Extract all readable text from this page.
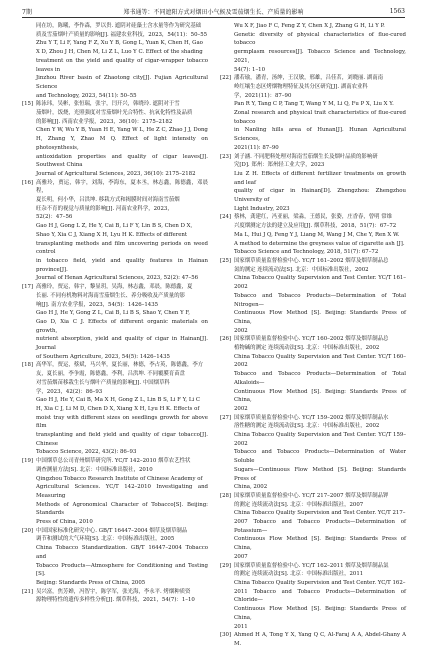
7期	郑书通等：不同遮阳方式对烟田小气候及雪茄烟生长、产质量的影响	1563
同在坊，陈曦，李作森，罗以贵. 遮阴对硅藻土含水量等作为研究基础
质及雪茄烟叶产质量的影响[J]. 福建农业科技，2023，54(11)：50–55
Zhu Y T, Li F, Yang F Z, Xu Y B, Gong L, Yuan K, Chen H, Gao
X D, Zhou J H, Chen M, Li Z L, Luo Y C. Effect of the shading
treatment on the yield and quality of cigar-wrapper tobacco leaves in
Jinzhou River basin of Zhaotong city[J]. Fujian Agricultural Science
and Technology, 2023, 54(11): 50–55
[15] 陈泳玮，吴彬，张恒瑞，张宇，闫开兴，韩晓玲. 遮阴对于雪
茄烟叶，饭烧，光照强度对雪茄烟叶光合特性、抗氧化特性及品质
的影响[J]. 西南农业学报，2023，36(10)：2175–2182
Chen Y W, Wu Y B, Yuan H E, Yang W L, He Z C, Zhao J J, Dong
H, Zhang Y, Zhao M Q. Effect of light intensity on photosynthesis,
antioxidation properties and quality of cigar leaves[J]. Southwest China
Journal of Agricultural Sciences, 2023, 36(10): 2175–2182
[16] 高雅玲，贾运，韩宇，刘海，李海东，夏本丞，林志鑫，陈德鑫，邓晨程，
夏长明，何小华，吕洪坤. 移栽方式和揭膜时间对海南雪茄烟
旺杂不育的视觉与质量的影响[J]. 河南农业科学，2023，
52(2)：47–56
Gao H J, Gong L Z, He Y, Cai B, Li F Y, Lin B S, Chen D X,
Shao Y, Xia C J, Xiang X H, Lyu H K. Effects of different
transplanting methods and film uncovering periods on weed control
in tobacco field, yield and quality features in Hainan province[J].
Journal of Henan Agricultural Sciences, 2023, 52(2): 47–56
[17] 高雅玲，贾运，韩宇，黎显玥，吴海，林志鑫，邓晨，陈德鑫，夏
长丽. 不同有机物料对海南雪茄烟生长、养分吸收及产质量的影
响[J]. 南方农业学报，2023，54(5)：1426–1435
Gao H J, He Y, Gong Z L, Cai B, Li B S, Shao Y, Chen Y F,
Gao D, Xia C J. Effects of different organic materials on growth,
nutrient absorption, yield and quality of cigar in Hainan[J]. Journal
of Southern Agriculture, 2023, 54(5): 1426–1435
[18] 高华军，贾运，蔡斌，马兴华，夏长丽，林德，李占英，陈德鑫，李方
友，夏长丽，李争霞，陈德鑫，李利，吕洪坤. 不同覆膜育苗盘
对雪茄烟苗移栽生长与烟叶产质量的影响[J]. 中国烟草科
学，2023，42(2)：86–93
Gao H J, He Y, Cai B, Ma X H, Gong Z L, Lin B S, Li F Y, Li C
H, Xia C J, Li M D, Chen D X, Xiang X H, Lyu H K. Effects of
moist tray with different sizes on seedlings growth for above film
transplanting and field yield and quality of cigar tobacco[J]. Chinese
Tobacco Science, 2022, 43(2): 86–93
[19] 中国烟草总公司青州烟草研究所. YC/T 142–2010 烟草农艺性状
调查测量方法[S]. 北京：中国标准出版社，2010
Qingzhou Tobacco Research Institute of Chinese Academy of
Agricultural Sciences. YC/T 142–2010 Investigating and Measuring
Methods of Agronomical Character of Tobacco[S]. Beijing: Standards
Press of China, 2010
[20] 中国国家标准化研究中心. GB/T 16447–2004 烟草及烟草制品
调节和测试的大气环境[S]. 北京：中国标准出版社，2005
China Tobacco Standardization. GB/T 16447–2004 Tobacco and
Tobacco Products—Atmosphere for Conditioning and Testing [S].
Beijing: Standards Press of China, 2005
[21] 吴兴富，焦芳婵，冯智宇，陈学军，张光海，李永平. 烤烟种质资
源物理特性的遗传多样性分析[J]. 烟草科技，2021，54(7)：1–10
Wu X F, Jiao F C, Feng Z Y, Chen X J, Zhang G H, Li Y P.
Genetic diversity of physical characteristics of flue-cured tobacco
germplasm resources[J]. Tobacco Science and Technology, 2021,
54(7): 1–10
[22] 潘若瑜，潘青，汤绅，王汉敏，邢雄，吕佳茗，刘晓丽. 湖南南
岭红壤生态区烤烟物理特征及其分区研究[J]. 湖南农业科
学，2021(11)：87–90
Pan R Y, Tang C P, Tang T, Wang Y M, Li Q, Fu P X, Liu X Y.
Zonal research and physical trait characteristics of flue-cured tobacco
in Nanling hills area of Hunan[J]. Hunan Agricultural Sciences,
2021(11): 87–90
[23] 刘子涵. 不同肥料处理对海南雪茄烟生长及烟叶品质的影响研
究[D]. 郑州：郑州轻工业大学，2023
Liu Z H. Effects of different fertilizer treatments on growth and leaf
quality of cigar in Hainan[D]. Zhengzhou: Zhengzhou University of
Light Industry, 2023
[24] 蔡林，龚建红，冯亚丽，梁淼，王德民，张姿，庄香春，曾明 常维
兴度烟测定方法的建立及应用[J]. 烟草科技，2018，51(7)：67–72
Ma L, Hui J Q, Feng Y J, Liang M, Wang J M, Che Y, Ren X W.
A method to determine the greyness value of cigarette ash [J].
Tobacco Science and Technology, 2018, 51(7): 67–72
[25] 国家烟草质量监督检验中心. YC/T 161–2002 烟草及烟草制品总
氮的测定 连续流动法[S]. 北京：中国标准出版社，2002
China Tobacco Quality Supervision and Test Center. YC/T 161–2002
Tobacco and Tobacco Products—Determination of Total Nitrogen—
Continuous Flow Method [S]. Beijing: Standards Press of China,
2002
[26] 国家烟草质量监督检验中心. YC/T 160–2002 烟草及烟草制品总
植物碱的测定 连续流动法[S]. 北京：中国标准出版社，2002
China Tobacco Quality Supervision and Test Center. YC/T 160–2002
Tobacco and Tobacco Products—Determination of Total Alkaloids—
Continuous Flow Method [S]. Beijing: Standards Press of China,
2002
[27] 国家烟草质量监督检验中心. YC/T 159–2002 烟草及烟草制品水
溶性糖的测定 连续流动法[S]. 北京：中国标准出版社，2002
China Tobacco Quality Supervision and Test Center. YC/T 159–2002
Tobacco and Tobacco Products—Determination of Water Soluble
Sugars—Continuous Flow Method [S]. Beijing: Standards Press of
China, 2002
[28] 国家烟草质量监督检验中心. YC/T 217–2007 烟草及烟草制品钾
的测定 连续流动法[S]. 北京：中国标准出版社，2007
China Tobacco Quality Supervision and Test Center. YC/T 217–
2007 Tobacco and Tobacco Products—Determination of Potassium—
Continuous Flow Method [S]. Beijing: Standards Press of China,
2007
[29] 国家烟草质量监督检验中心. YC/T 162–2011 烟草及烟草制品氯
的测定 连续流动法[S]. 北京：中国标准出版社，2011
China Tobacco Quality Supervision and Test Center. YC/T 162–
2011 Tobacco and Tobacco Products—Determination of Chloride—
Continuous Flow Method [S]. Beijing: Standards Press of China,
2011
[30] Ahmed H A, Tong Y X, Yang Q C, Al-Faraj A A, Abdel-Ghany A M.
